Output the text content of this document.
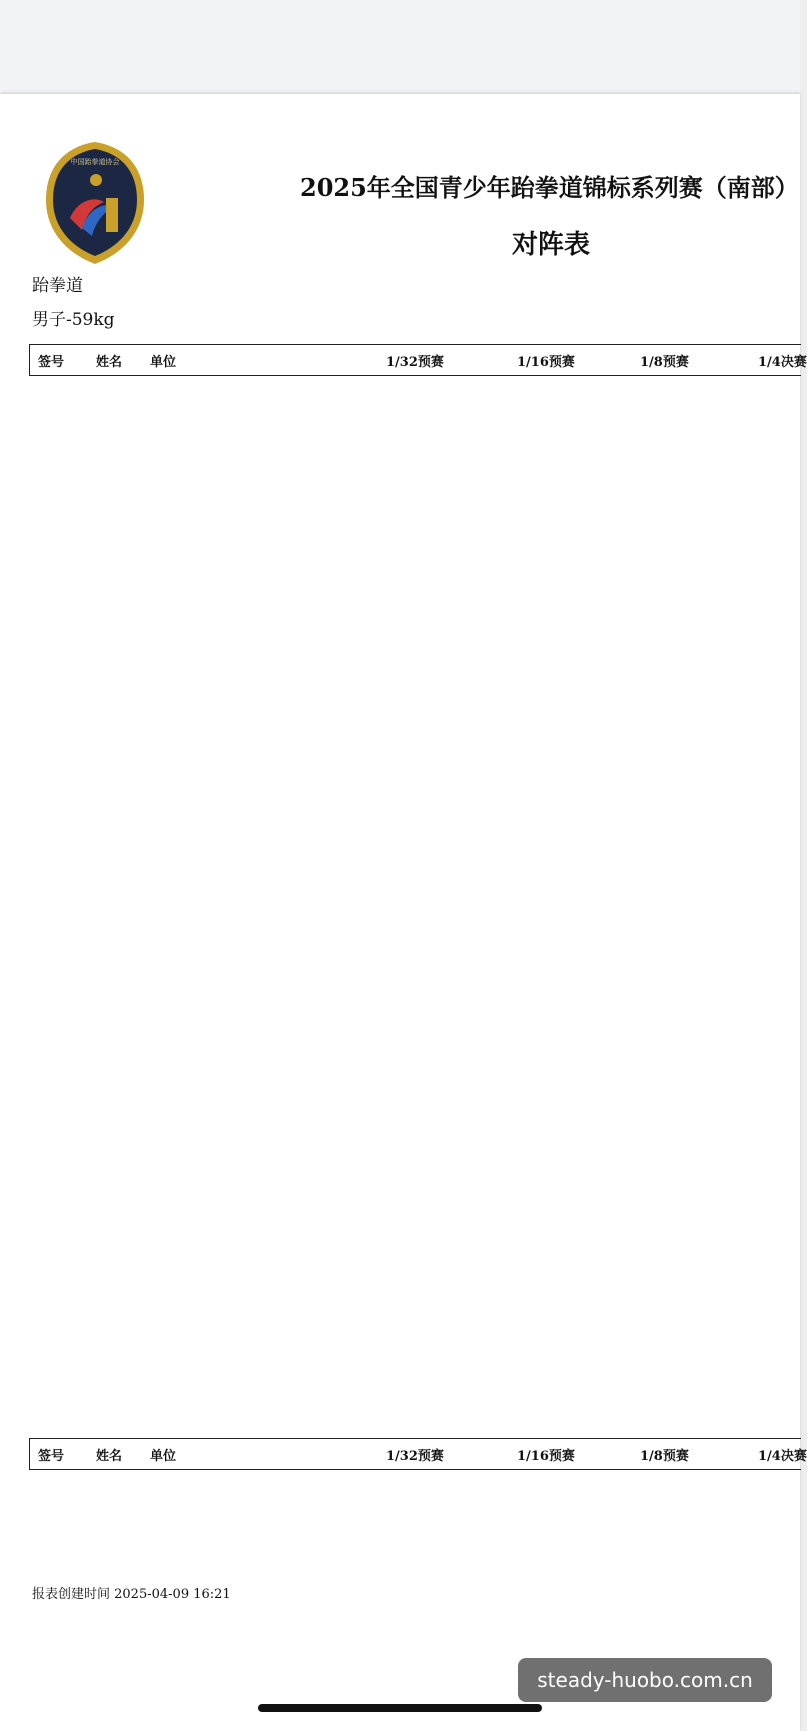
中国跆拳道协会
2025年全国青少年跆拳道锦标系列赛（南部）
对阵表
跆拳道
男子-59kg
签号 姓名 单位	1/32预赛	1/16预赛	1/8预赛	1/4决赛
签号 姓名 单位	1/32预赛	1/16预赛	1/8预赛	1/4决赛
报表创建时间 2025-04-09 16:21
steady-huobo.com.cn
